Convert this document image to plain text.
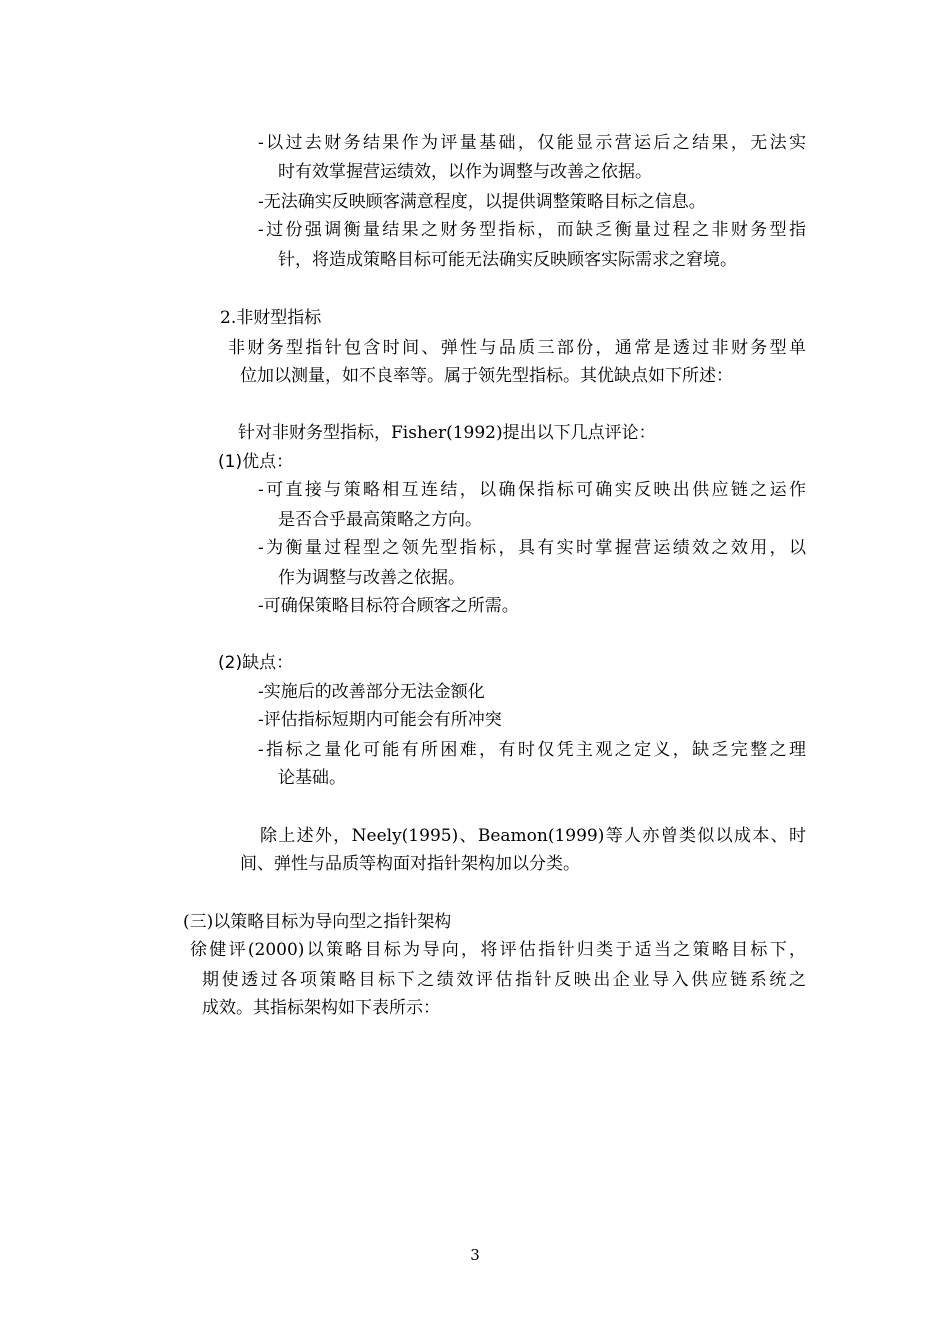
-以过去财务结果作为评量基础，仅能显示营运后之结果，无法实
时有效掌握营运绩效，以作为调整与改善之依据。
-无法确实反映顾客满意程度，以提供调整策略目标之信息。
-过份强调衡量结果之财务型指标，而缺乏衡量过程之非财务型指
针，将造成策略目标可能无法确实反映顾客实际需求之窘境。
2.非财型指标
非财务型指针包含时间、弹性与品质三部份，通常是透过非财务型单
位加以测量，如不良率等。属于领先型指标。其优缺点如下所述：
针对非财务型指标，Fisher(1992)提出以下几点评论：
(1)优点：
-可直接与策略相互连结，以确保指标可确实反映出供应链之运作
是否合乎最高策略之方向。
-为衡量过程型之领先型指标，具有实时掌握营运绩效之效用，以
作为调整与改善之依据。
-可确保策略目标符合顾客之所需。
(2)缺点：
-实施后的改善部分无法金额化
-评估指标短期内可能会有所冲突
-指标之量化可能有所困难，有时仅凭主观之定义，缺乏完整之理
论基础。
除上述外，Neely(1995)、Beamon(1999)等人亦曾类似以成本、时
间、弹性与品质等构面对指针架构加以分类。
(三)以策略目标为导向型之指针架构
徐健评(2000)以策略目标为导向，将评估指针归类于适当之策略目标下，
期使透过各项策略目标下之绩效评估指针反映出企业导入供应链系统之
成效。其指标架构如下表所示：
3
